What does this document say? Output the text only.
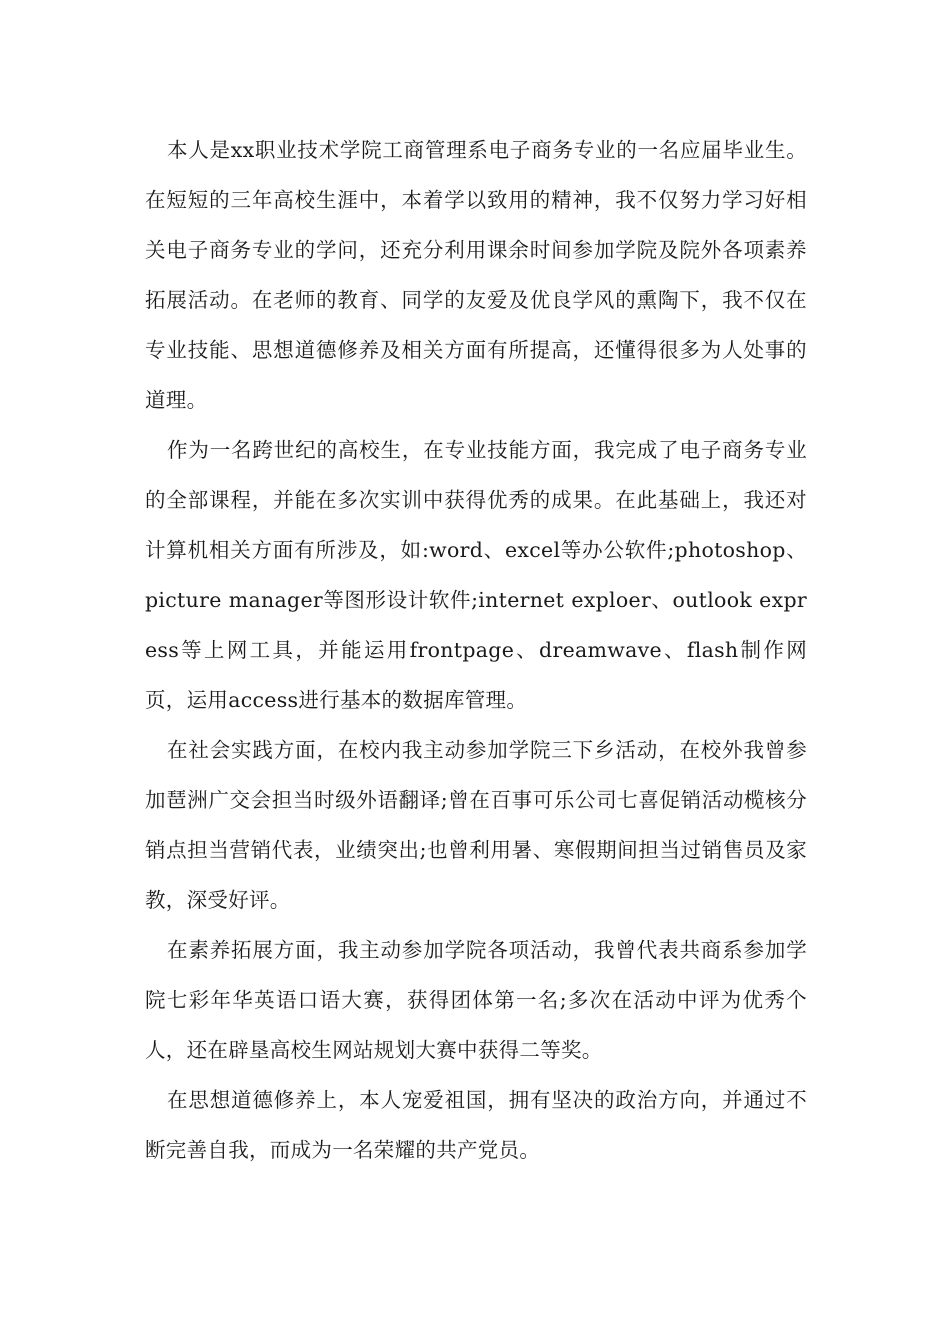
本人是xx职业技术学院工商管理系电子商务专业的一名应届毕业生。在短短的三年高校生涯中，本着学以致用的精神，我不仅努力学习好相关电子商务专业的学问，还充分利用课余时间参加学院及院外各项素养拓展活动。在老师的教育、同学的友爱及优良学风的熏陶下，我不仅在专业技能、思想道德修养及相关方面有所提高，还懂得很多为人处事的道理。

作为一名跨世纪的高校生，在专业技能方面，我完成了电子商务专业的全部课程，并能在多次实训中获得优秀的成果。在此基础上，我还对计算机相关方面有所涉及，如:word、excel等办公软件;photoshop、picture manager等图形设计软件;internet exploer、outlook express等上网工具，并能运用frontpage、dreamwave、flash制作网页，运用access进行基本的数据库管理。

在社会实践方面，在校内我主动参加学院三下乡活动，在校外我曾参加琶洲广交会担当时级外语翻译;曾在百事可乐公司七喜促销活动榄核分销点担当营销代表，业绩突出;也曾利用暑、寒假期间担当过销售员及家教，深受好评。

在素养拓展方面，我主动参加学院各项活动，我曾代表共商系参加学院七彩年华英语口语大赛，获得团体第一名;多次在活动中评为优秀个人，还在辟垦高校生网站规划大赛中获得二等奖。

在思想道德修养上，本人宠爱祖国，拥有坚决的政治方向，并通过不断完善自我，而成为一名荣耀的共产党员。
